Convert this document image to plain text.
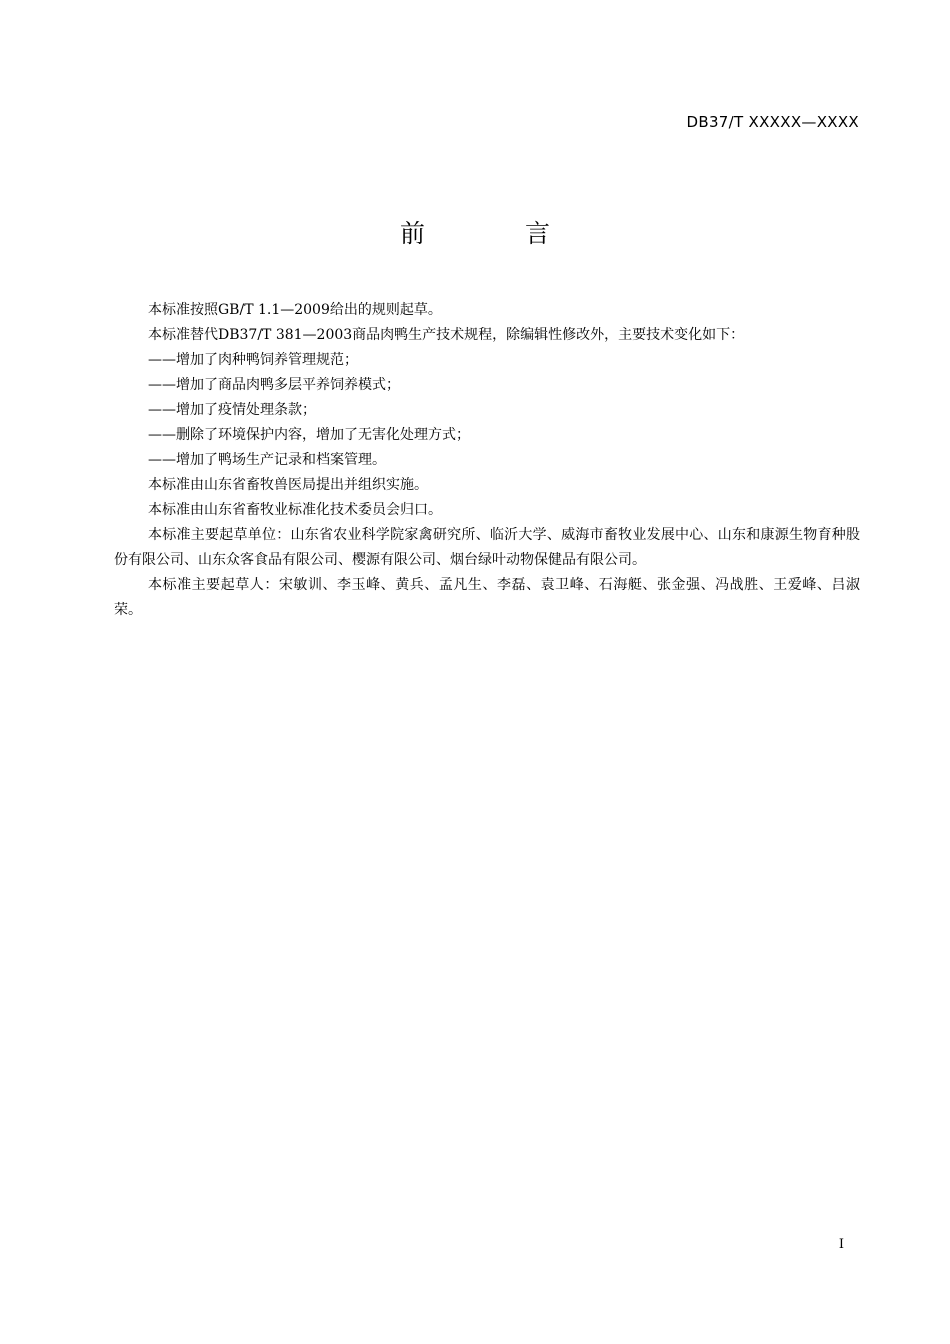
DB37/T XXXXX—XXXX
前 言

本标准按照GB/T 1.1—2009给出的规则起草。

本标准替代DB37/T 381—2003商品肉鸭生产技术规程，除编辑性修改外，主要技术变化如下：

——增加了肉种鸭饲养管理规范；

——增加了商品肉鸭多层平养饲养模式；

——增加了疫情处理条款；

——删除了环境保护内容，增加了无害化处理方式；

——增加了鸭场生产记录和档案管理。

本标准由山东省畜牧兽医局提出并组织实施。

本标准由山东省畜牧业标准化技术委员会归口。

本标准主要起草单位：山东省农业科学院家禽研究所、临沂大学、威海市畜牧业发展中心、山东和康源生物育种股份有限公司、山东众客食品有限公司、樱源有限公司、烟台绿叶动物保健品有限公司。

本标准主要起草人：宋敏训、李玉峰、黄兵、孟凡生、李磊、袁卫峰、石海艇、张金强、冯战胜、王爱峰、吕淑荣。

I
